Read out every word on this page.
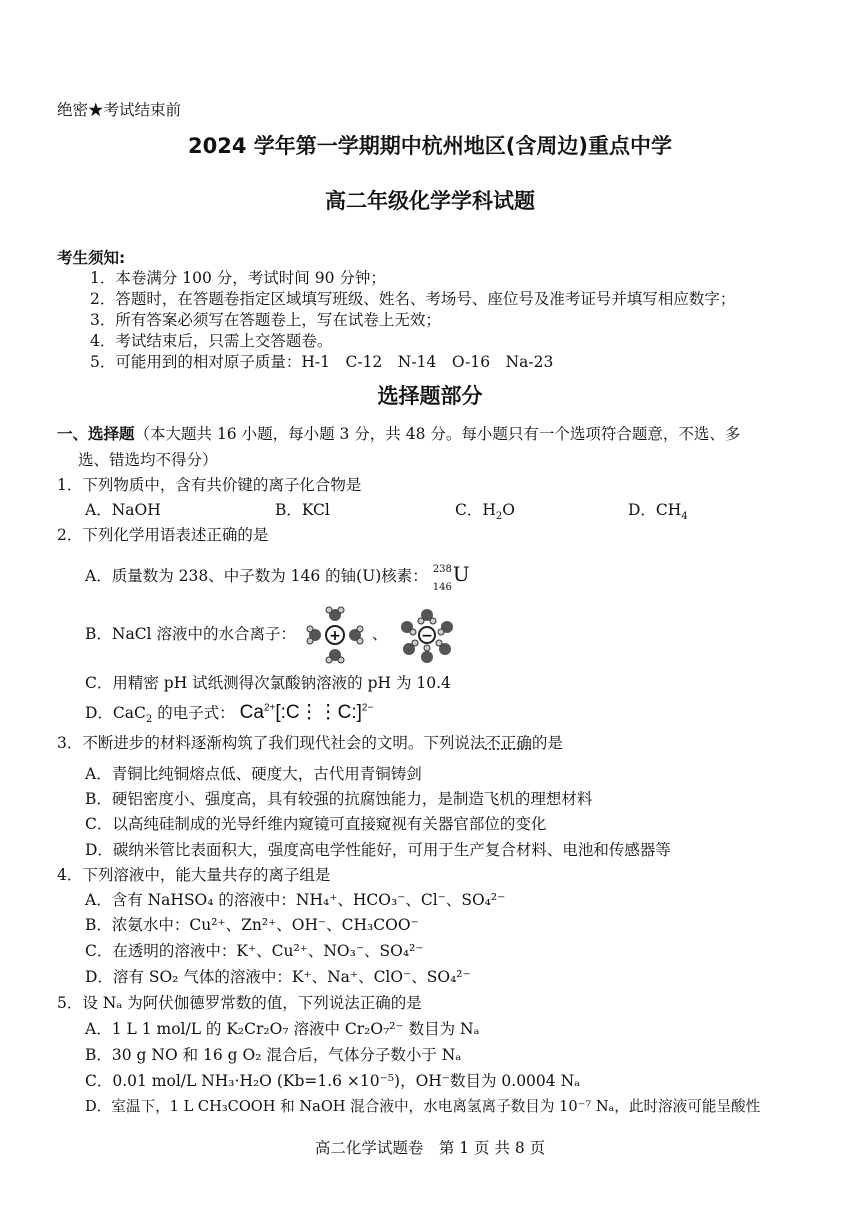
绝密★考试结束前
2024 学年第一学期期中杭州地区(含周边)重点中学
高二年级化学学科试题
考生须知:
1．本卷满分 100 分，考试时间 90 分钟；
2．答题时，在答题卷指定区域填写班级、姓名、考场号、座位号及准考证号并填写相应数字；
3．所有答案必须写在答题卷上，写在试卷上无效；
4．考试结束后，只需上交答题卷。
5．可能用到的相对原子质量：H-1　C-12　N-14　O-16　Na-23
选择题部分
一、选择题（本大题共 16 小题，每小题 3 分，共 48 分。每小题只有一个选项符合题意，不选、多
选、错选均不得分）
1．下列物质中，含有共价键的离子化合物是
A．NaOH	B．KCl	C．$H_2O$	D．$CH_4$
2．下列化学用语表述正确的是
A．质量数为 238、中子数为 146 的铀(U)核素： 238
146
U
B．NaCl 溶液中的水合离子： + 、 −
C．用精密 pH 试纸测得次氯酸钠溶液的 pH 为 10.4
D．CaC$_2$ 的电子式： $Ca^{2+}[:C⋮⋮C:]^{2-}$
3．不断进步的材料逐渐构筑了我们现代社会的文明。下列说法不正确的是
A．青铜比纯铜熔点低、硬度大，古代用青铜铸剑
B．硬铝密度小、强度高，具有较强的抗腐蚀能力，是制造飞机的理想材料
C．以高纯硅制成的光导纤维内窥镜可直接窥视有关器官部位的变化
D．碳纳米管比表面积大，强度高电学性能好，可用于生产复合材料、电池和传感器等
4．下列溶液中，能大量共存的离子组是
A．含有 NaHSO₄ 的溶液中：NH₄⁺、HCO₃⁻、Cl⁻、SO₄²⁻
B．浓氨水中：Cu²⁺、Zn²⁺、OH⁻、CH₃COO⁻
C．在透明的溶液中：K⁺、Cu²⁺、NO₃⁻、SO₄²⁻
D．溶有 SO₂ 气体的溶液中：K⁺、Na⁺、ClO⁻、SO₄²⁻
5．设 Nₐ 为阿伏伽德罗常数的值，下列说法正确的是
A．1 L 1 mol/L 的 K₂Cr₂O₇ 溶液中 Cr₂O₇²⁻ 数目为 Nₐ
B．30 g NO 和 16 g O₂ 混合后，气体分子数小于 Nₐ
C．0.01 mol/L NH₃·H₂O (Kb=1.6 ×10⁻⁵)，OH⁻数目为 0.0004 Nₐ
D．室温下，1 L CH₃COOH 和 NaOH 混合液中，水电离氢离子数目为 10⁻⁷ Nₐ，此时溶液可能呈酸性
高二化学试题卷　第 1 页 共 8 页
